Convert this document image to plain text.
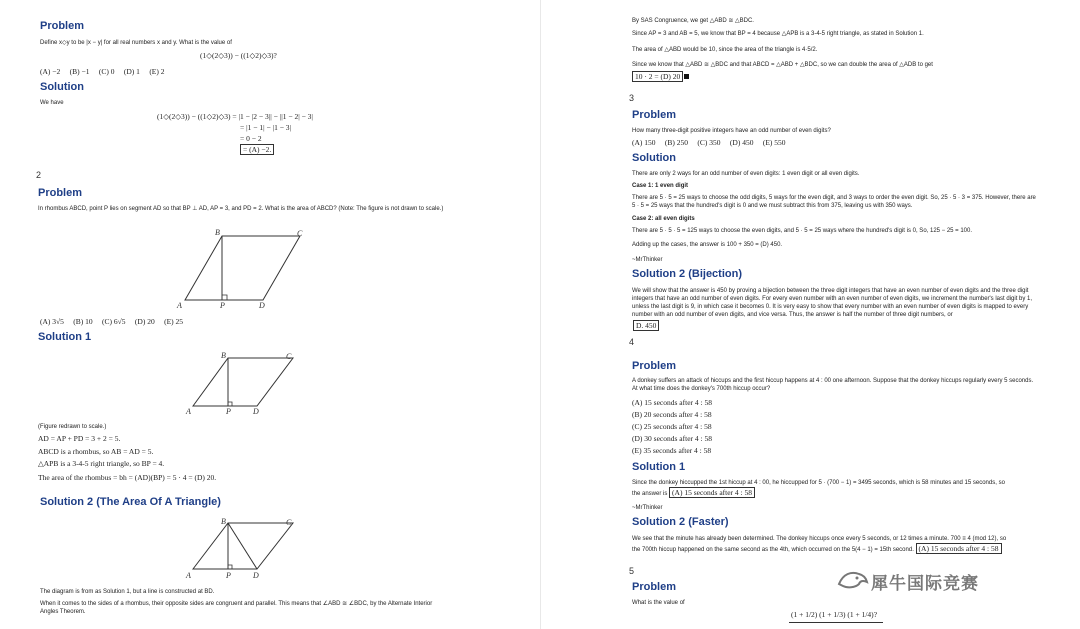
Problem
Define x◇y to be |x − y| for all real numbers x and y. What is the value of
(1◇(2◇3)) − ((1◇2)◇3)?
(A) −2 (B) −1 (C) 0 (D) 1 (E) 2
Solution
We have
(1◇(2◇3)) − ((1◇2)◇3) = |1 − |2 − 3|| − ||1 − 2| − 3|
= |1 − 1| − |1 − 3|
= 0 − 2
= (A) −2.
2
Problem
In rhombus ABCD, point P lies on segment AD so that BP ⊥ AD, AP = 3, and PD = 2. What is the area of ABCD? (Note: The figure is not drawn to scale.)
A
B	C
D
P
(A) 3√5 (B) 10 (C) 6√5 (D) 20 (E) 25
Solution 1
A
B	C
D
P
(Figure redrawn to scale.)
AD = AP + PD = 3 + 2 = 5.
ABCD is a rhombus, so AB = AD = 5.
△APB is a 3-4-5 right triangle, so BP = 4.
The area of the rhombus = bh = (AD)(BP) = 5 · 4 = (D) 20.
Solution 2 (The Area Of A Triangle)
A
B	C
D
P
The diagram is from as Solution 1, but a line is constructed at BD.
When it comes to the sides of a rhombus, their opposite sides are congruent and parallel. This means that ∠ABD ≅ ∠BDC, by the Alternate Interior Angles Theorem.
By SAS Congruence, we get △ABD ≅ △BDC.
Since AP = 3 and AB = 5, we know that BP = 4 because △APB is a 3-4-5 right triangle, as stated in Solution 1.
The area of △ABD would be 10, since the area of the triangle is 4·5/2.
Since we know that △ABD ≅ △BDC and that ABCD = △ABD + △BDC, so we can double the area of △ADB to get
10 · 2 = (D) 20
3
Problem
How many three-digit positive integers have an odd number of even digits?
(A) 150 (B) 250 (C) 350 (D) 450 (E) 550
Solution
There are only 2 ways for an odd number of even digits: 1 even digit or all even digits.
Case 1: 1 even digit
There are 5 · 5 = 25 ways to choose the odd digits, 5 ways for the even digit, and 3 ways to order the even digit. So, 25 · 5 · 3 = 375. However, there are 5 · 5 = 25 ways that the hundred's digit is 0 and we must subtract this from 375, leaving us with 350 ways.
Case 2: all even digits
There are 5 · 5 · 5 = 125 ways to choose the even digits, and 5 · 5 = 25 ways where the hundred's digit is 0, So, 125 − 25 = 100.
Adding up the cases, the answer is 100 + 350 = (D) 450.
~MrThinker
Solution 2 (Bijection)
We will show that the answer is 450 by proving a bijection between the three digit integers that have an even number of even digits and the three digit integers that have an odd number of even digits. For every even number with an even number of even digits, we increment the number's last digit by 1, unless the last digit is 9, in which case it becomes 0. It is very easy to show that every number with an even number of even digits is mapped to every number with an odd number of even digits, and vice versa. Thus, the answer is half the number of three digit numbers, or
D. 450
4
Problem
A donkey suffers an attack of hiccups and the first hiccup happens at 4 : 00 one afternoon. Suppose that the donkey hiccups regularly every 5 seconds. At what time does the donkey's 700th hiccup occur?
(A) 15 seconds after 4 : 58
(B) 20 seconds after 4 : 58
(C) 25 seconds after 4 : 58
(D) 30 seconds after 4 : 58
(E) 35 seconds after 4 : 58
Solution 1
Since the donkey hiccupped the 1st hiccup at 4 : 00, he hiccupped for 5 · (700 − 1) = 3495 seconds, which is 58 minutes and 15 seconds, so
the answer is (A) 15 seconds after 4 : 58
~MrThinker
Solution 2 (Faster)
We see that the minute has already been determined. The donkey hiccups once every 5 seconds, or 12 times a minute. 700 ≡ 4 (mod 12), so
the 700th hiccup happened on the same second as the 4th, which occurred on the 5(4 − 1) = 15th second. (A) 15 seconds after 4 : 58
5
Problem
What is the value of
(1 + 1/2) (1 + 1/3) (1 + 1/4)?
犀牛国际竞赛
